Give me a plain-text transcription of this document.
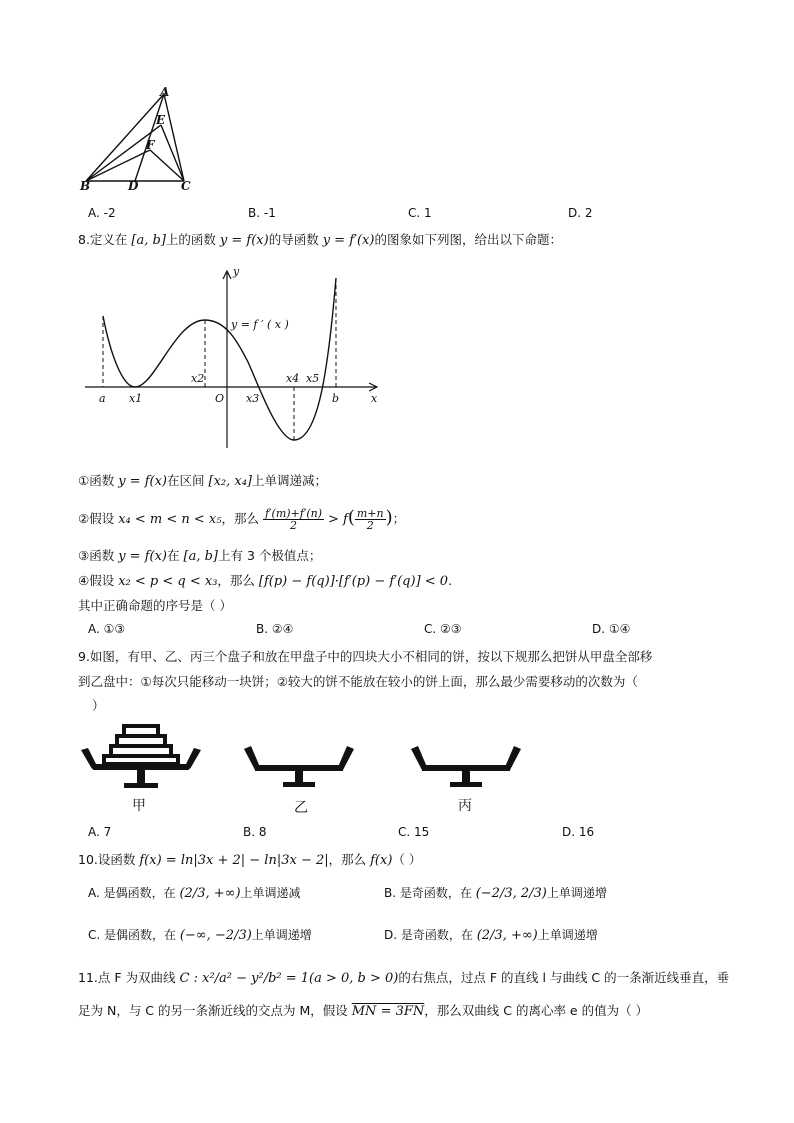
A
E
F
B	D	C
A. -2	B. -1	C. 1	D. 2
8.定义在 [a, b]上的函数 y = f(x)的导函数 y = f′(x)的图象如下列图，给出以下命题：
y
x
y = f ′ ( x )
a x1
x2
O x3
x4 x5
b
①函数 y = f(x)在区间 [x₂, x₄]上单调递减；
②假设 x₄ < m < n < x₅，那么 $\frac{f'(m)+f'(n)}{2} > f( \frac{m+n}{2}$ )；
③函数 y = f(x)在 [a, b]上有 3 个极值点；
④假设 x₂ < p < q < x₃，那么 [f(p) − f(q)]·[f′(p) − f′(q)] < 0.
其中正确命题的序号是（ ）
A. ①③	B. ②④	C. ②③	D. ①④
9.如图，有甲、乙、丙三个盘子和放在甲盘子中的四块大小不相同的饼，按以下规那么把饼从甲盘全部移
到乙盘中：①每次只能移动一块饼；②较大的饼不能放在较小的饼上面，那么最少需要移动的次数为（
）
甲	乙	丙
A. 7	B. 8	C. 15	D. 16
10.设函数 f(x) = ln|3x + 2| − ln|3x − 2|，那么 f(x)（ ）
A. 是偶函数，在 (2/3, +∞)上单调递减	B. 是奇函数，在 (−2/3, 2/3)上单调递增
C. 是偶函数，在 (−∞, −2/3)上单调递增	D. 是奇函数，在 (2/3, +∞)上单调递增
11.点 F 为双曲线 C : x²/a² − y²/b² = 1(a > 0, b > 0)的右焦点，过点 F 的直线 l 与曲线 C 的一条渐近线垂直，垂
足为 N，与 C 的另一条渐近线的交点为 M，假设 MN = 3FN，那么双曲线 C 的离心率 e 的值为（ ）
